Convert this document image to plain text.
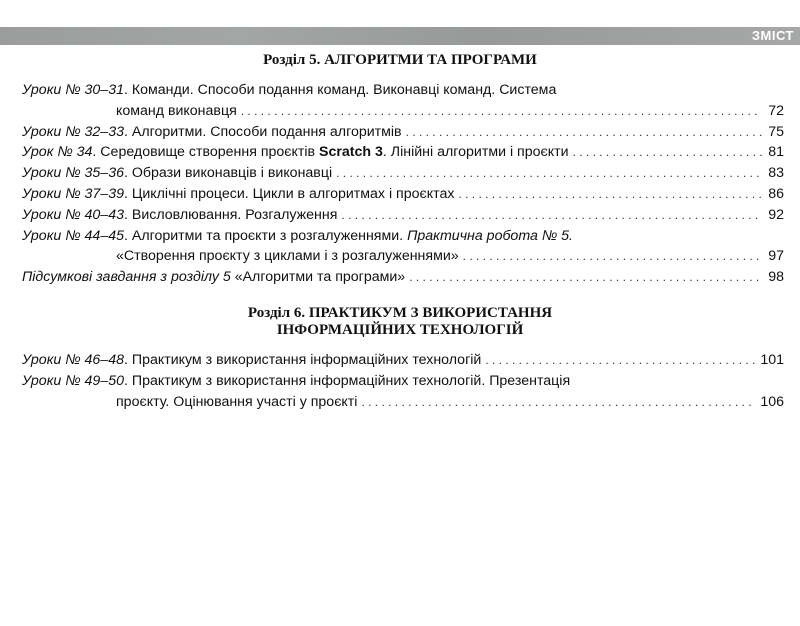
ЗМІСТ
Розділ 5. АЛГОРИТМИ ТА ПРОГРАМИ
Уроки № 30–31 . Команди. Способи подання команд. Виконавці команд. Система
команд виконавця . . .	72
Уроки № 32–33 . Алгоритми. Способи подання алгоритмів . . .	75
Урок № 34 . Середовище створення проєктів Scratch 3 . Лінійні алгоритми і проєкти . . .	81
Уроки № 35–36 . Образи виконавців і виконавці . . .	83
Уроки № 37–39 . Циклічні процеси. Цикли в алгоритмах і проєктах . . .	86
Уроки № 40–43 . Висловлювання. Розгалуження . . .	92
Уроки № 44–45 . Алгоритми та проєкти з розгалуженнями. Практична робота № 5.
«Створення проєкту з циклами і з розгалуженнями» . . .	97
Підсумкові завдання з розділу 5 «Алгоритми та програми» . . .	98
Розділ 6. ПРАКТИКУМ З ВИКОРИСТАННЯ
ІНФОРМАЦІЙНИХ ТЕХНОЛОГІЙ
Уроки № 46–48 . Практикум з використання інформаційних технологій . . .	101
Уроки № 49–50 . Практикум з використання інформаційних технологій. Презентація
проєкту. Оцінювання участі у проєкті . . .	106
